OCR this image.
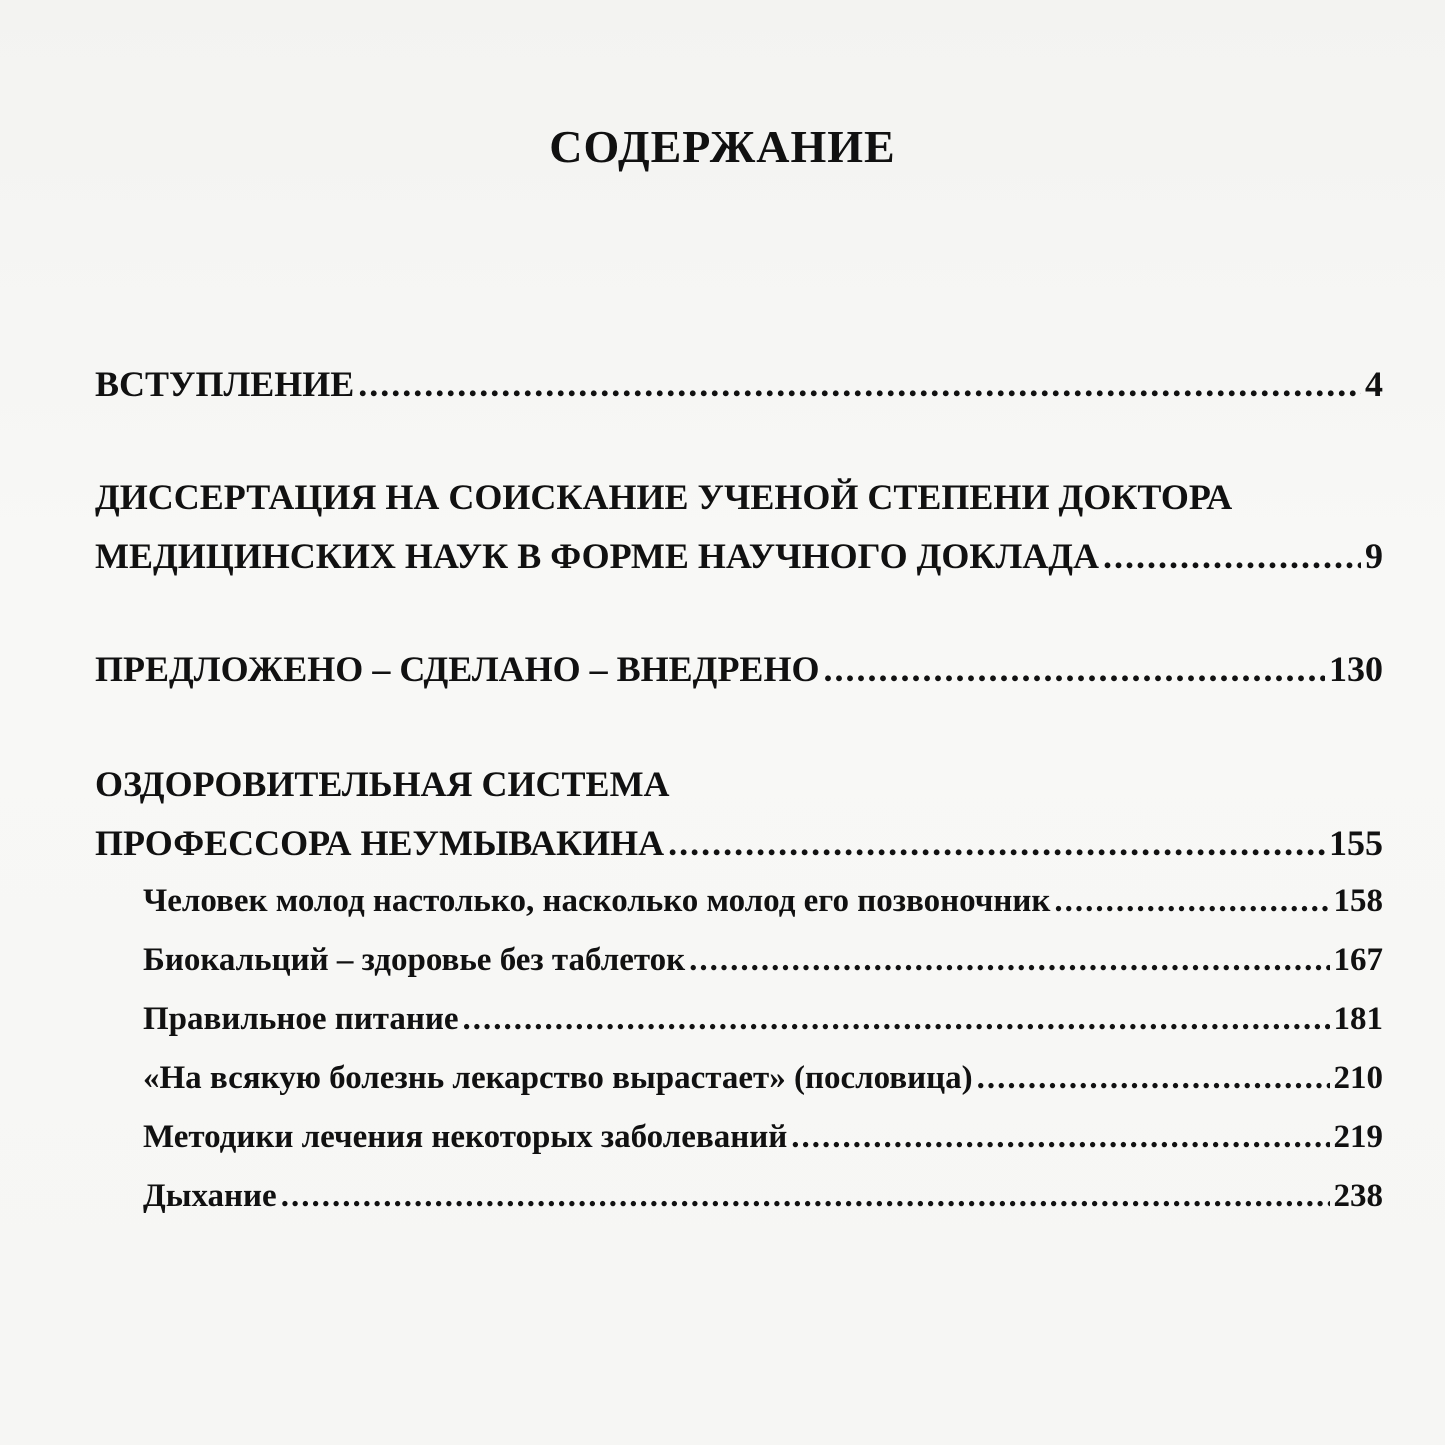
СОДЕРЖАНИЕ
ВСТУПЛЕНИЕ .....	4
ДИССЕРТАЦИЯ НА СОИСКАНИЕ УЧЕНОЙ СТЕПЕНИ ДОКТОРА
МЕДИЦИНСКИХ НАУК В ФОРМЕ НАУЧНОГО ДОКЛАДА .....	9
ПРЕДЛОЖЕНО – СДЕЛАНО – ВНЕДРЕНО .....	130
ОЗДОРОВИТЕЛЬНАЯ СИСТЕМА
ПРОФЕССОРА НЕУМЫВАКИНА .....	155
Человек молод настолько, насколько молод его позвоночник .....	158
Биокальций – здоровье без таблеток .....	167
Правильное питание .....	181
«На всякую болезнь лекарство вырастает» (пословица) .....	210
Методики лечения некоторых заболеваний .....	219
Дыхание .....	238
